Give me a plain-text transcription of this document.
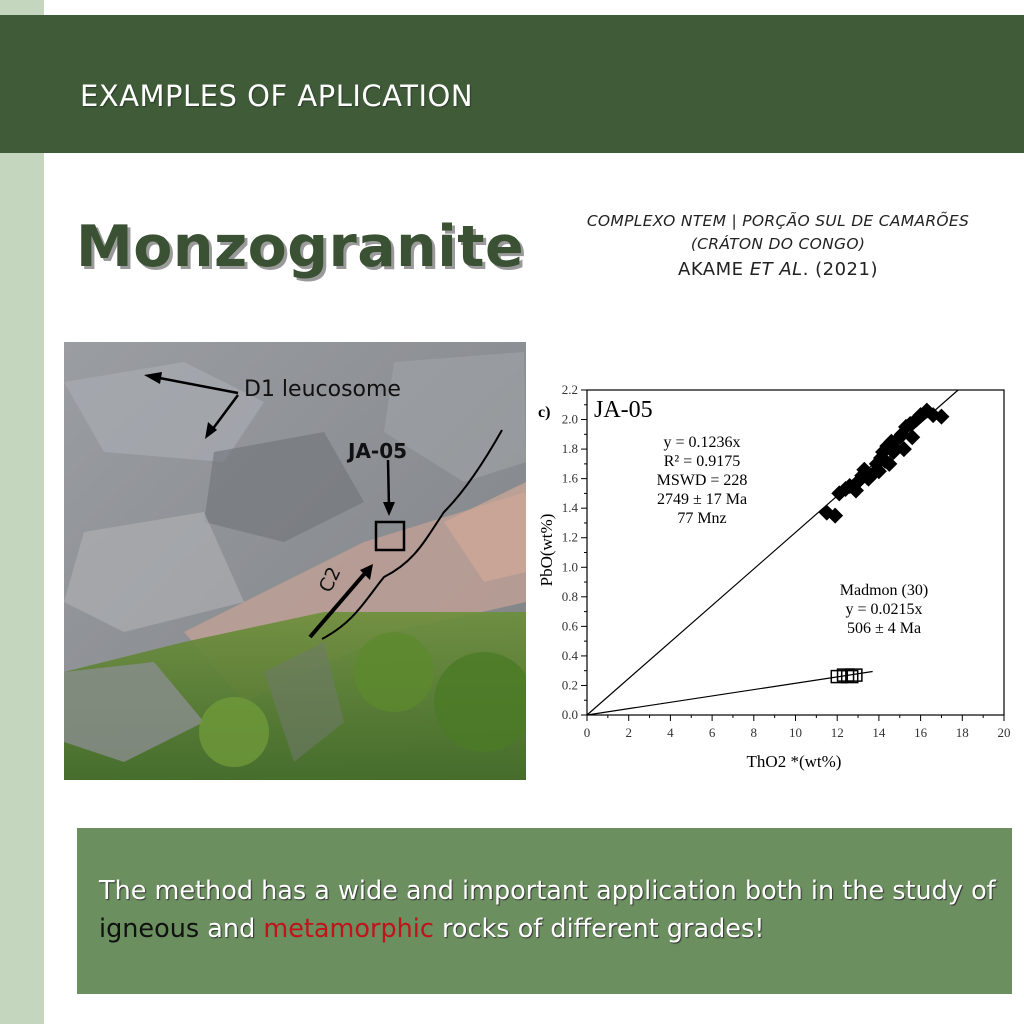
EXAMPLES OF APLICATION
Monzogranite	COMPLEXO NTEM | PORÇÃO SUL DE CAMARÕES
(CRÁTON DO CONGO)
AKAME ET AL. (2021)
D1 leucosome
JA-05
C2
c) JA-05
y = 0.1236x
R² = 0.9175
MSWD = 228
2749 ± 17 Ma
77 Mnz
Madmon (30)
y = 0.0215x
506 ± 4 Ma
ThO2 *(wt%)
PbO(wt%)
0	2	4	6	8 10 12 14 16 18 20
0.0
0.2
0.4
0.6
0.8
1.0
1.2
1.4
1.6
1.8
2.0
2.2
The method has a wide and important application both in the study of igneous and metamorphic rocks of different grades!
